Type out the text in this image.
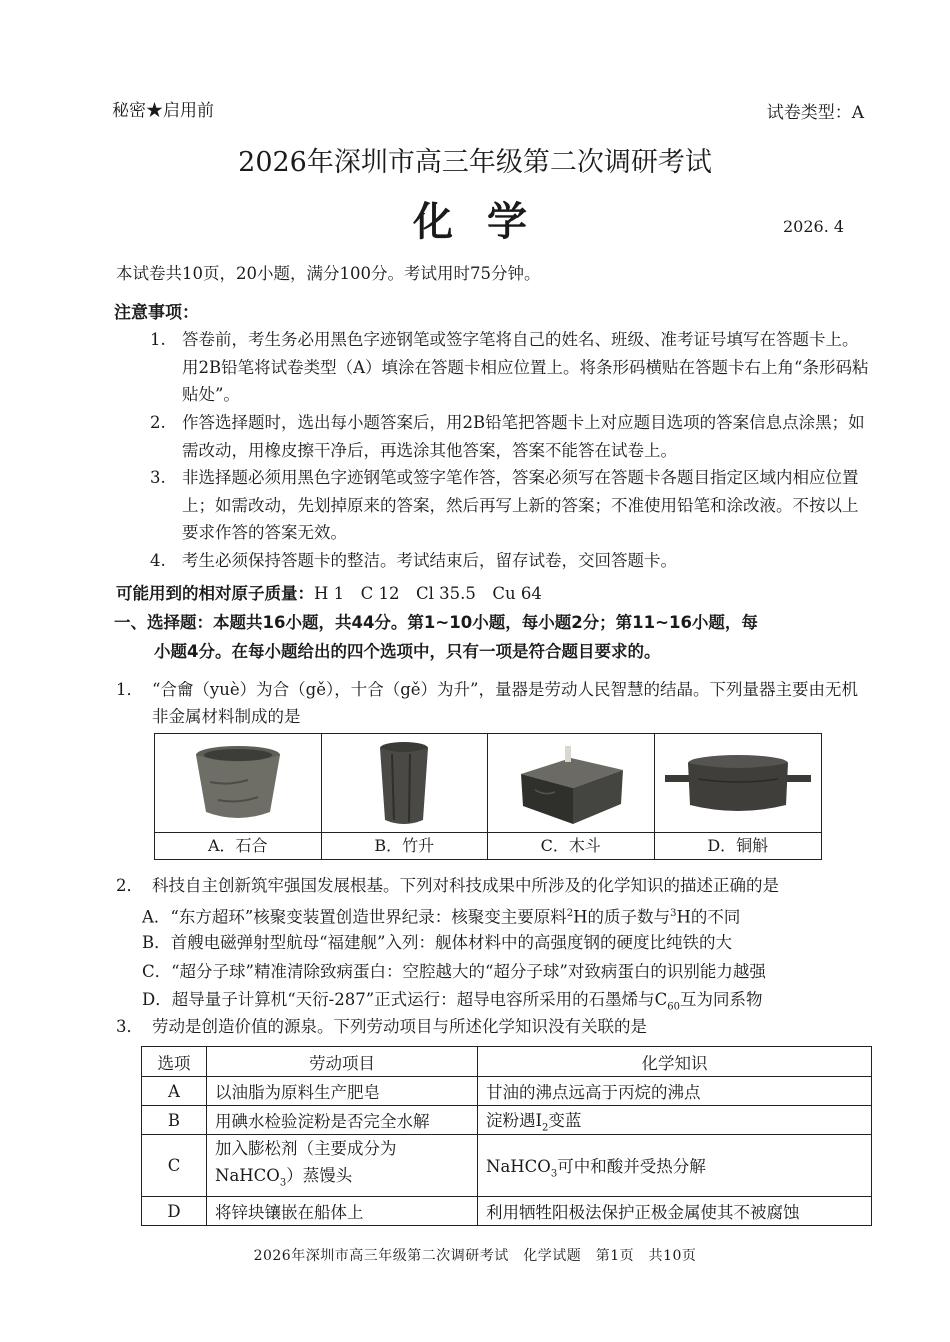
秘密★启用前	试卷类型：A
2026年深圳市高三年级第二次调研考试
化学	2026. 4
本试卷共10页，20小题，满分100分。考试用时75分钟。
注意事项：
1. 答卷前，考生务必用黑色字迹钢笔或签字笔将自己的姓名、班级、准考证号填写在答题卡上。用2B铅笔将试卷类型（A）填涂在答题卡相应位置上。将条形码横贴在答题卡右上角“条形码粘贴处”。
2. 作答选择题时，选出每小题答案后，用2B铅笔把答题卡上对应题目选项的答案信息点涂黑；如需改动，用橡皮擦干净后，再选涂其他答案，答案不能答在试卷上。
3. 非选择题必须用黑色字迹钢笔或签字笔作答，答案必须写在答题卡各题目指定区域内相应位置上；如需改动，先划掉原来的答案，然后再写上新的答案；不准使用铅笔和涂改液。不按以上要求作答的答案无效。
4. 考生必须保持答题卡的整洁。考试结束后，留存试卷，交回答题卡。
可能用到的相对原子质量：H 1　C 12　Cl 35.5　Cu 64
一、选择题：本题共16小题，共44分。第1~10小题，每小题2分；第11~16小题，每
小题4分。在每小题给出的四个选项中，只有一项是符合题目要求的。
1． “合龠（yuè）为合（gě），十合（gě）为升”，量器是劳动人民智慧的结晶。下列量器主要由无机非金属材料制成的是
A．石合	B．竹升	C．木斗	D．铜斛
2． 科技自主创新筑牢强国发展根基。下列对科技成果中所涉及的化学知识的描述正确的是
A．“东方超环”核聚变装置创造世界纪录：核聚变主要原料$^2$H的质子数与$^3$H的不同
B．首艘电磁弹射型航母“福建舰”入列：舰体材料中的高强度钢的硬度比纯铁的大
C．“超分子球”精准清除致病蛋白：空腔越大的“超分子球”对致病蛋白的识别能力越强
D．超导量子计算机“天衍-287”正式运行：超导电容所采用的石墨烯与$C_{60}$互为同系物
3． 劳动是创造价值的源泉。下列劳动项目与所述化学知识没有关联的是
选项	劳动项目	化学知识
A	以油脂为原料生产肥皂	甘油的沸点远高于丙烷的沸点
B	用碘水检验淀粉是否完全水解	淀粉遇$I_2$变蓝
C	加入膨松剂（主要成分为
NaHCO$_3$）蒸馒头	NaHCO$_3$可中和酸并受热分解
D	将锌块镶嵌在船体上	利用牺牲阳极法保护正极金属使其不被腐蚀
2026年深圳市高三年级第二次调研考试　化学试题　第1页　共10页
